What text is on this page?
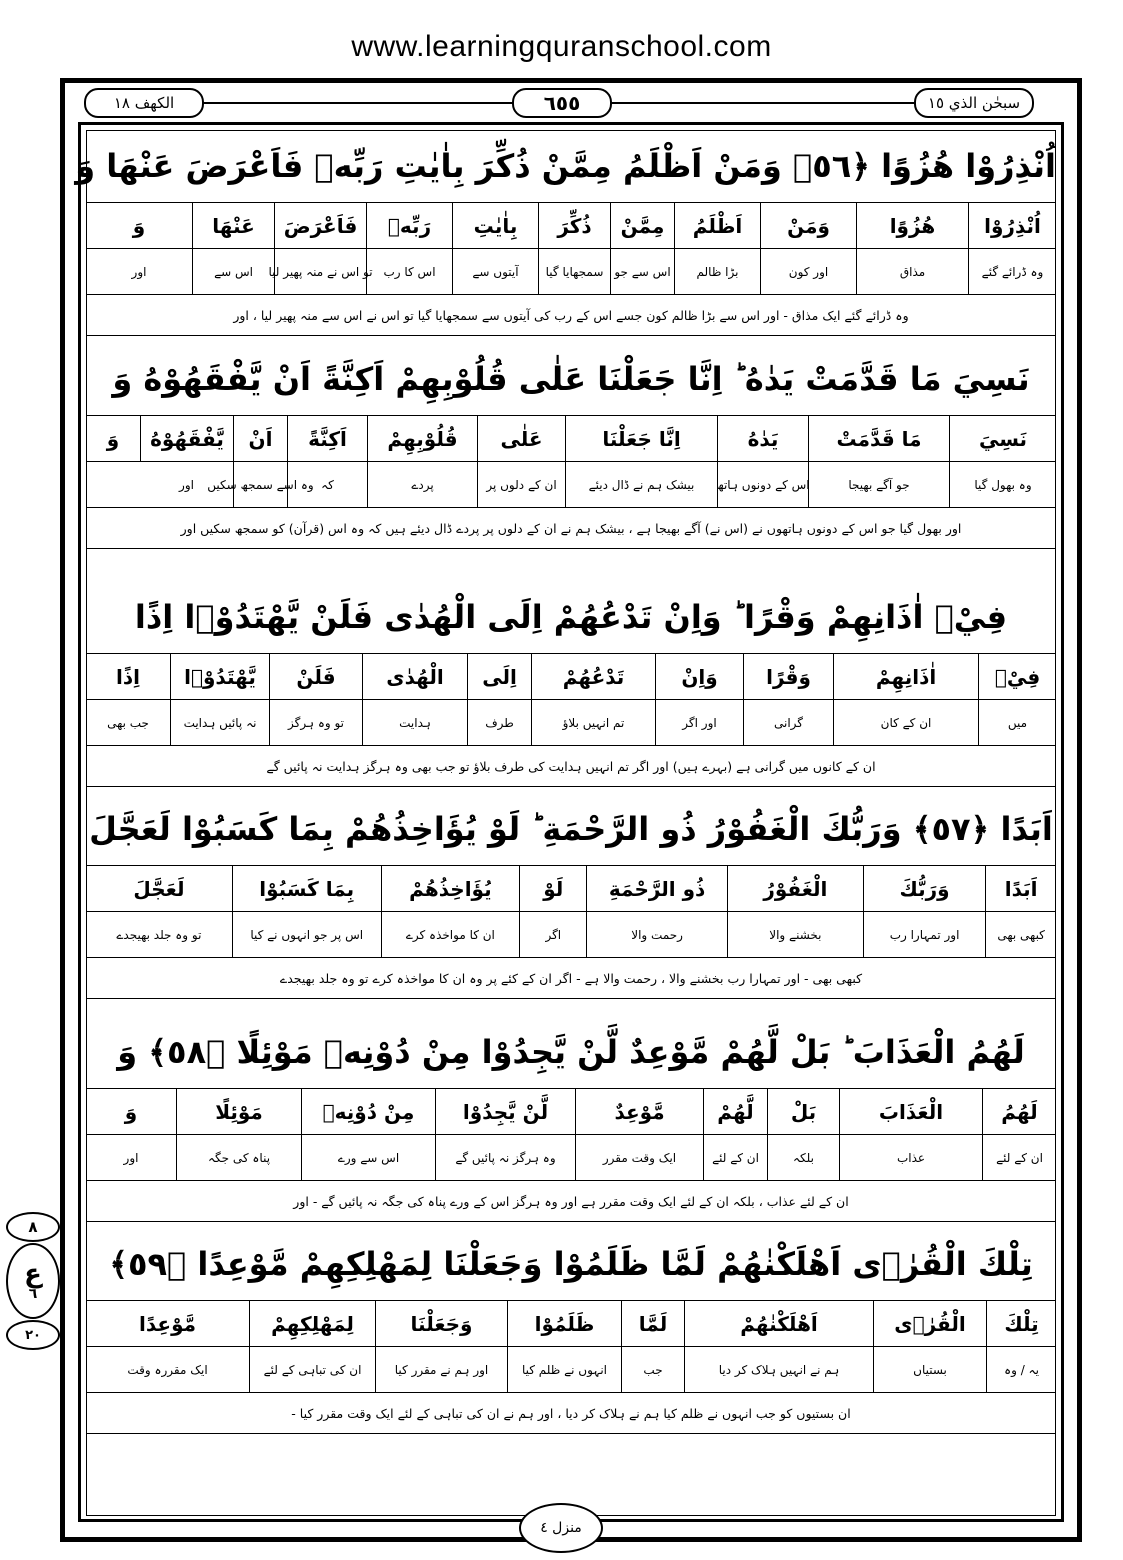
www.learningquranschool.com
الكهف ١٨	٦٥٥	سبحٰن الذي ١٥
اُنْذِرُوْا هُزُوًا ﴿٥٦﴾ وَمَنْ اَظْلَمُ مِمَّنْ ذُكِّرَ بِاٰيٰتِ رَبِّهٖ فَاَعْرَضَ عَنْهَا وَ
اُنْذِرُوْا
هُزُوًا
وَمَنْ
اَظْلَمُ
مِمَّنْ
ذُكِّرَ
بِاٰيٰتِ
رَبِّهٖ
فَاَعْرَضَ
عَنْهَا
وَ
وہ ڈرائے گئے
مذاق
اور کون
بڑا ظالم
اس سے جو
سمجھایا گیا
آیتوں سے
اس کا رب
تو اس نے منہ پھیر لیا
اس سے
اور
وہ ڈرائے گئے ایک مذاق - اور اس سے بڑا ظالم کون جسے اس کے رب کی آیتوں سے سمجھایا گیا تو اس نے اس سے منہ پھیر لیا ، اور
نَسِيَ مَا قَدَّمَتْ يَدٰهُ ؕ اِنَّا جَعَلْنَا عَلٰى قُلُوْبِهِمْ اَكِنَّةً اَنْ يَّفْقَهُوْهُ وَ
نَسِيَ
مَا قَدَّمَتْ
يَدٰهُ
اِنَّا جَعَلْنَا
عَلٰى
قُلُوْبِهِمْ
اَكِنَّةً
اَنْ
يَّفْقَهُوْهُ
وَ
وہ بھول گیا
جو آگے بھیجا
اس کے دونوں ہاتھ
بیشک ہم نے ڈال دیئے
ان کے دلوں پر
پردے
کہ
وہ اسے سمجھ سکیں
اور
اور بھول گیا جو اس کے دونوں ہاتھوں نے (اس نے) آگے بھیجا ہے ، بیشک ہم نے ان کے دلوں پر پردے ڈال دیئے ہیں کہ وہ اس (قرآن) کو سمجھ سکیں اور
فِيْۤ اٰذَانِهِمْ وَقْرًا ؕ وَاِنْ تَدْعُهُمْ اِلَى الْهُدٰى فَلَنْ يَّهْتَدُوْۤا اِذًا
فِيْۤ
اٰذَانِهِمْ
وَقْرًا
وَاِنْ
تَدْعُهُمْ
اِلَى
الْهُدٰى
فَلَنْ
يَّهْتَدُوْۤا
اِذًا
میں
ان کے کان
گرانی
اور اگر
تم انہیں بلاؤ
طرف
ہدایت
تو وہ ہرگز
نہ پائیں ہدایت
جب بھی
ان کے کانوں میں گرانی ہے (بہرے ہیں) اور اگر تم انہیں ہدایت کی طرف بلاؤ تو جب بھی وہ ہرگز ہدایت نہ پائیں گے
اَبَدًا ﴿٥٧﴾ وَرَبُّكَ الْغَفُوْرُ ذُو الرَّحْمَةِ ؕ لَوْ يُؤَاخِذُهُمْ بِمَا كَسَبُوْا لَعَجَّلَ
اَبَدًا
وَرَبُّكَ
الْغَفُوْرُ
ذُو الرَّحْمَةِ
لَوْ
يُؤَاخِذُهُمْ
بِمَا كَسَبُوْا
لَعَجَّلَ
کبھی بھی
اور تمہارا رب
بخشنے والا
رحمت والا
اگر
ان کا مواخذہ کرے
اس پر جو انہوں نے کیا
تو وہ جلد بھیجدے
کبھی بھی - اور تمہارا رب بخشنے والا ، رحمت والا ہے - اگر ان کے کئے پر وہ ان کا مواخذہ کرے تو وہ جلد بھیجدے
لَهُمُ الْعَذَابَ ؕ بَلْ لَّهُمْ مَّوْعِدٌ لَّنْ يَّجِدُوْا مِنْ دُوْنِهٖ مَوْئِلًا ﴿٥٨﴾ وَ
لَهُمُ
الْعَذَابَ
بَلْ
لَّهُمْ
مَّوْعِدٌ
لَّنْ يَّجِدُوْا
مِنْ دُوْنِهٖ
مَوْئِلًا
وَ
ان کے لئے
عذاب
بلکہ
ان کے لئے
ایک وقت مقرر
وہ ہرگز نہ پائیں گے
اس سے ورے
پناہ کی جگہ
اور
ان کے لئے عذاب ، بلکہ ان کے لئے ایک وقت مقرر ہے اور وہ ہرگز اس کے ورے پناہ کی جگہ نہ پائیں گے - اور
تِلْكَ الْقُرٰۤى اَهْلَكْنٰهُمْ لَمَّا ظَلَمُوْا وَجَعَلْنَا لِمَهْلِكِهِمْ مَّوْعِدًا ﴿٥٩﴾
تِلْكَ
الْقُرٰۤى
اَهْلَكْنٰهُمْ
لَمَّا
ظَلَمُوْا
وَجَعَلْنَا
لِمَهْلِكِهِمْ
مَّوْعِدًا
یہ / وہ
بستیاں
ہم نے انہیں ہلاک کر دیا
جب
انہوں نے ظلم کیا
اور ہم نے مقرر کیا
ان کی تباہی کے لئے
ایک مقررہ وقت
ان بستیوں کو جب انہوں نے ظلم کیا ہم نے ہلاک کر دیا ، اور ہم نے ان کی تباہی کے لئے ایک وقت مقرر کیا -
٨
ع
٦
٢٠
منزل ٤
